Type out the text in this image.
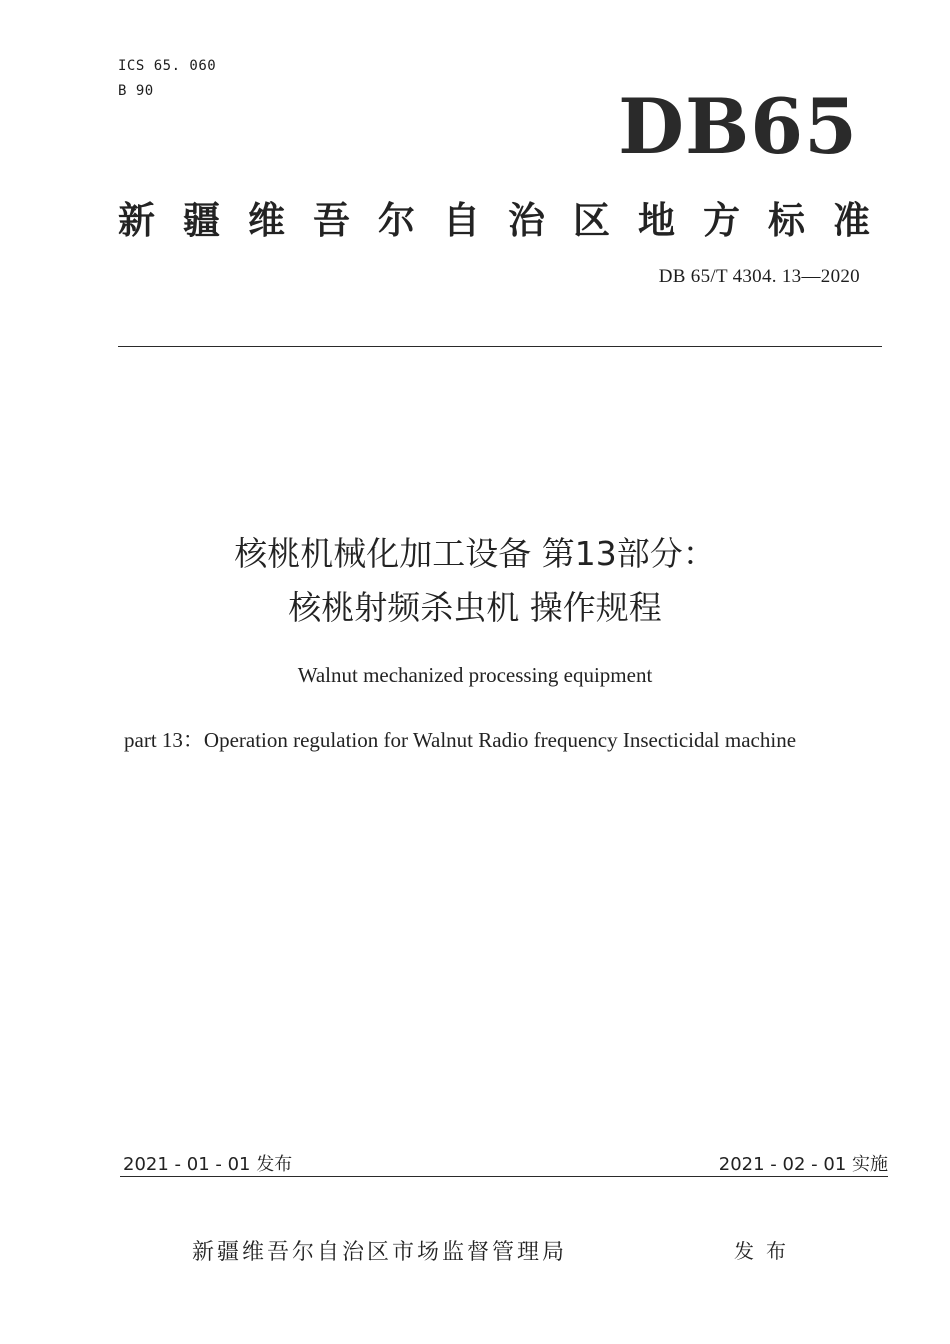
ICS 65. 060
B 90	DB65
新疆维吾尔自治区地方标准
DB 65/T 4304. 13—2020
核桃机械化加工设备 第13部分：
核桃射频杀虫机 操作规程
Walnut mechanized processing equipment
part 13：Operation regulation for Walnut Radio frequency Insecticidal machine
2021 - 01 - 01 发布	2021 - 02 - 01 实施
新疆维吾尔自治区市场监督管理局	发布
